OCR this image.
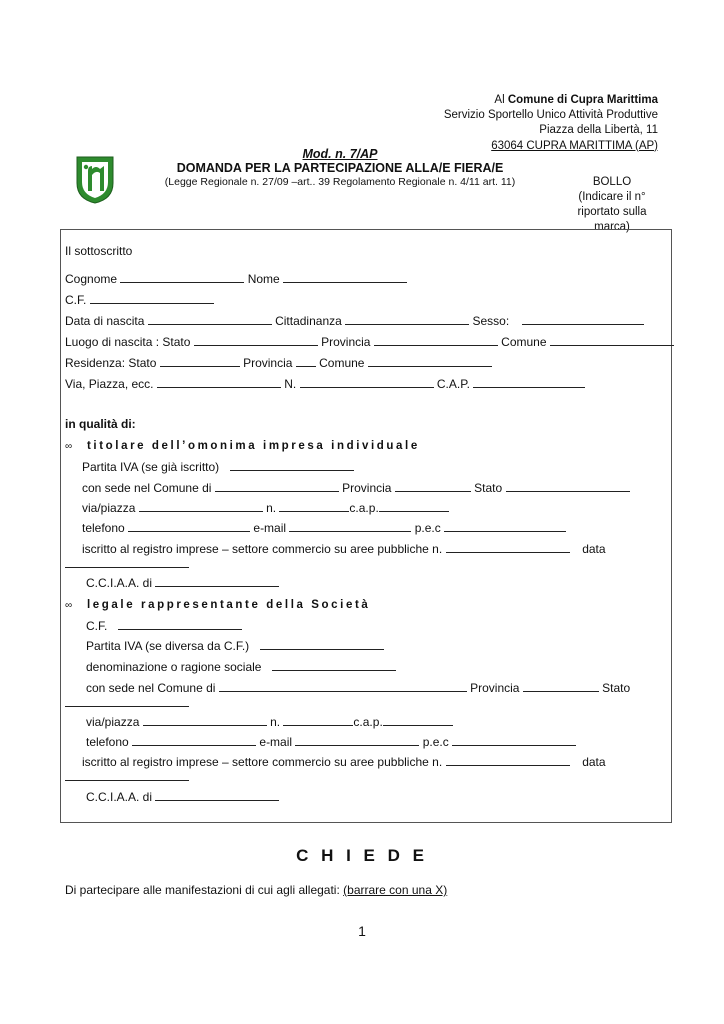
Al Comune di Cupra Marittima
Servizio Sportello Unico Attività Produttive
Piazza della Libertà, 11
63064 CUPRA MARITTIMA (AP)
Mod. n. 7/AP
DOMANDA PER LA PARTECIPAZIONE ALLA/E FIERA/E
(Legge Regionale n. 27/09 –art.. 39 Regolamento Regionale n. 4/11 art. 11)	BOLLO
(Indicare il n°
riportato sulla
marca)
Il sottoscritto
Cognome	Nome
C.F.
Data di nascita	Cittadinanza	Sesso:
Luogo di nascita : Stato	Provincia	Comune
Residenza: Stato	Provincia Comune
Via, Piazza, ecc.	N.	C.A.P.
in qualità di:
∞ titolare dell’omonima impresa individuale
Partita IVA (se già iscritto)
con sede nel Comune di	Provincia	Stato
via/piazza	n.	c.a.p.
telefono	e-mail	p.e.c
iscritto al registro imprese – settore commercio su aree pubbliche n.	data
C.C.I.A.A. di
∞ legale rappresentante della Società
C.F.
Partita IVA (se diversa da C.F.)
denominazione o ragione sociale
con sede nel Comune di	Provincia	Stato
via/piazza	n.	c.a.p.
telefono	e-mail	p.e.c
iscritto al registro imprese – settore commercio su aree pubbliche n.	data
C.C.I.A.A. di
C H I E D E
Di partecipare alle manifestazioni di cui agli allegati: (barrare con una X)
1
